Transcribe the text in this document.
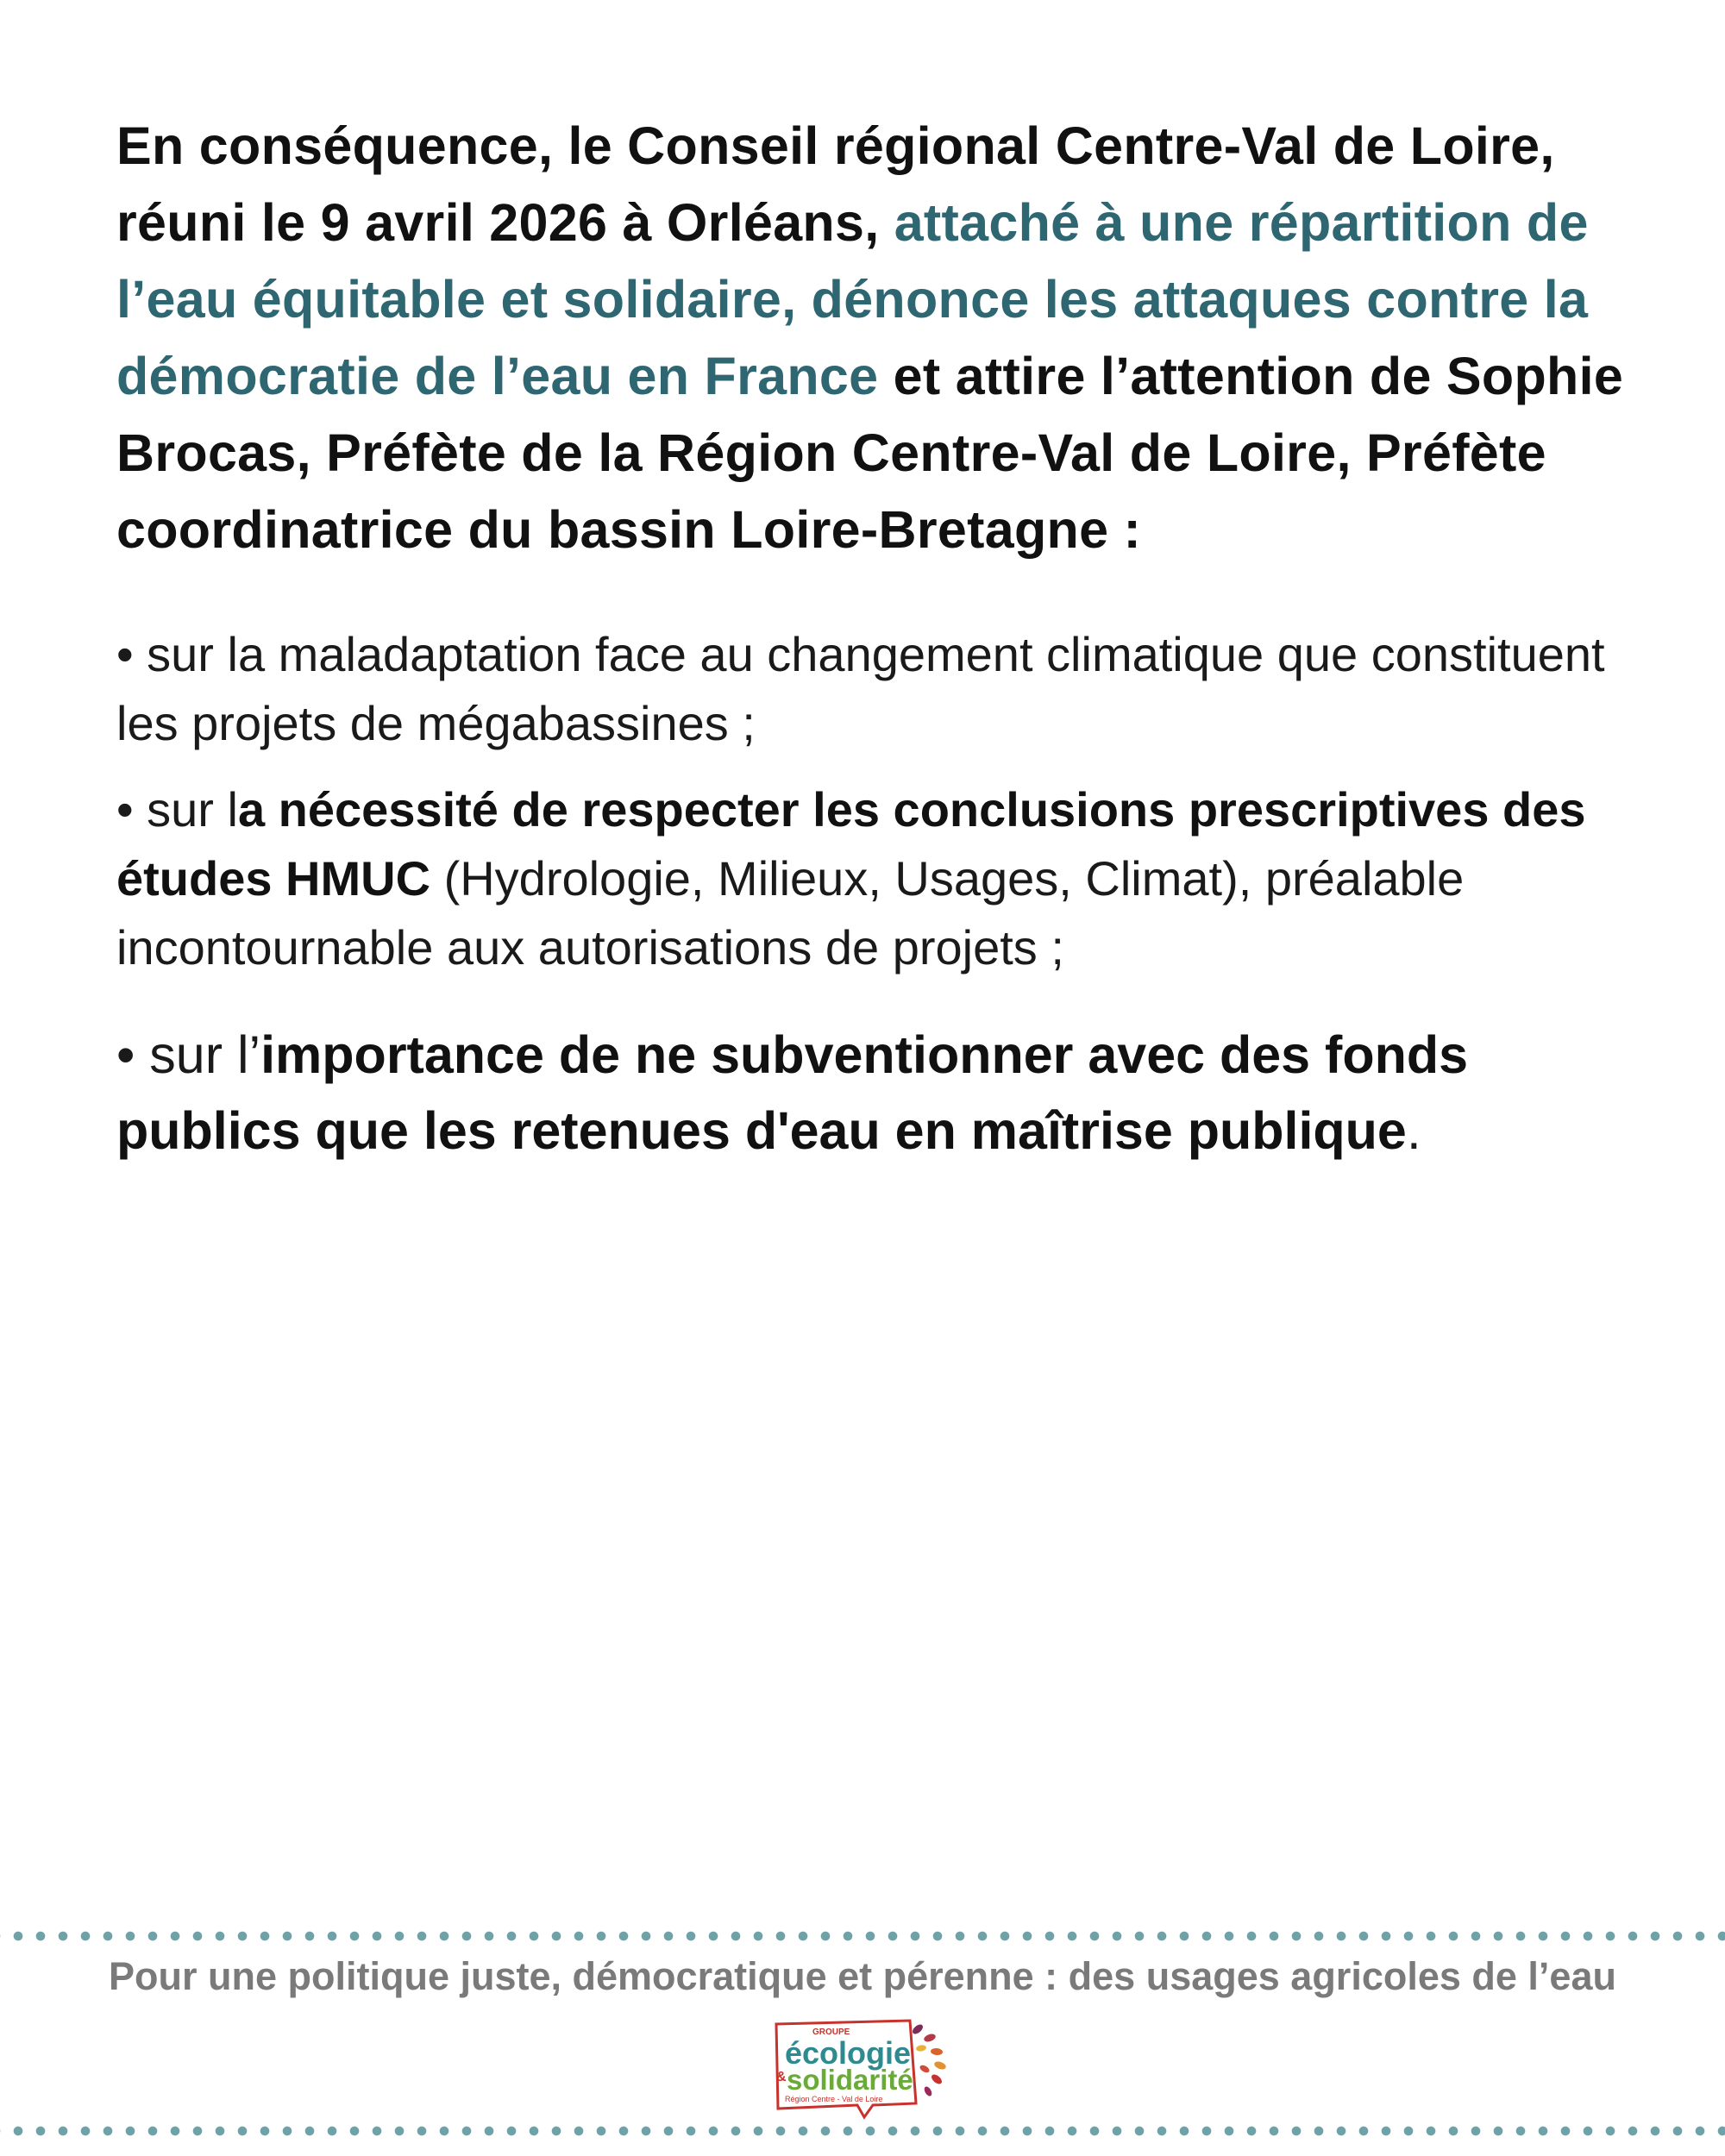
En conséquence, le Conseil régional Centre-Val de Loire, réuni le 9 avril 2026 à Orléans, attaché à une répartition de l’eau équitable et solidaire, dénonce les attaques contre la démocratie de l’eau en France et attire l’attention de Sophie Brocas, Préfète de la Région Centre-Val de Loire, Préfète coordinatrice du bassin Loire-Bretagne :

• sur la maladaptation face au changement climatique que constituent les projets de mégabassines ;

• sur la nécessité de respecter les conclusions prescriptives des études HMUC (Hydrologie, Milieux, Usages, Climat), préalable incontournable aux autorisations de projets ;

• sur l’importance de ne subventionner avec des fonds publics que les retenues d'eau en maîtrise publique.

Pour une politique juste, démocratique et pérenne : des usages agricoles de l’eau
GROUPE
écologie
& solidarité
Région Centre - Val de Loire
